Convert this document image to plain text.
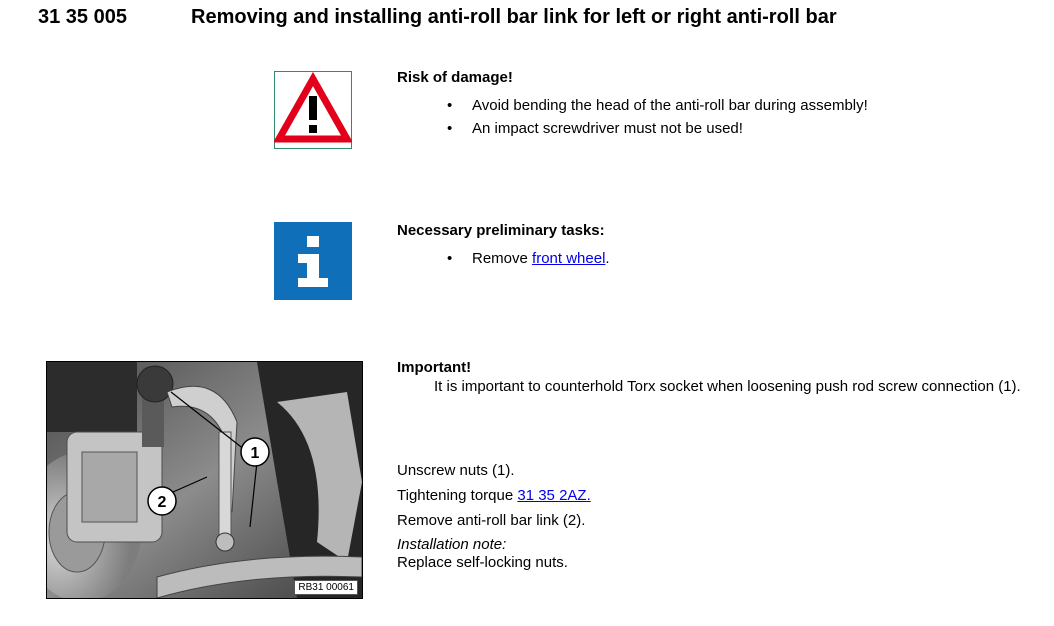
31 35 005	Removing and installing anti-roll bar link for left or right anti-roll bar
Risk of damage!
• Avoid bending the head of the anti-roll bar during assembly!
• An impact screwdriver must not be used!
Necessary preliminary tasks:
• Remove front wheel.
1
2
RB31 00061
Important!
It is important to counterhold Torx socket when loosening push rod screw connection (1).
Unscrew nuts (1).
Tightening torque 31 35 2AZ.
Remove anti-roll bar link (2).
Installation note:
Replace self-locking nuts.
